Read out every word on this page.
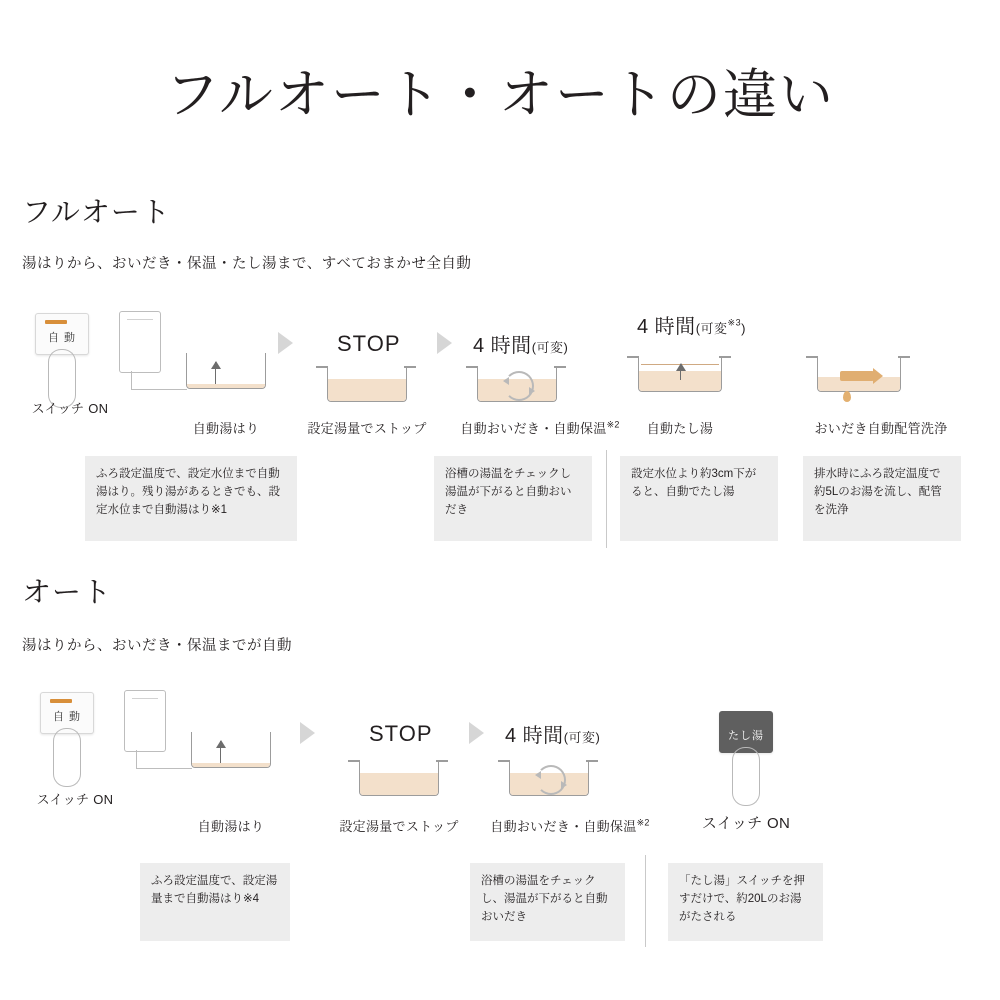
フルオート・オートの違い
フルオート
湯はりから、おいだき・保温・たし湯まで、すべておまかせ全自動
自 動
スイッチ ON
自動湯はり
STOP
設定湯量でストップ
4 時間(可変)
自動おいだき・自動保温$^{※2}$
4 時間(可変$^{※3}$)
自動たし湯	おいだき自動配管洗浄
ふろ設定温度で、設定水位まで自動湯はり。残り湯があるときでも、設定水位まで自動湯はり※1
浴槽の湯温をチェックし湯温が下がると自動おいだき
設定水位より約3cm下がると、自動でたし湯
排水時にふろ設定温度で約5Lのお湯を流し、配管を洗浄
オート
湯はりから、おいだき・保温までが自動
自 動
スイッチ ON
自動湯はり
STOP
設定湯量でストップ
4 時間(可変)
自動おいだき・自動保温$^{※2}$
たし湯
スイッチ ON
ふろ設定温度で、設定湯量まで自動湯はり※4
浴槽の湯温をチェックし、湯温が下がると自動おいだき
「たし湯」スイッチを押すだけで、約20Lのお湯がたされる
